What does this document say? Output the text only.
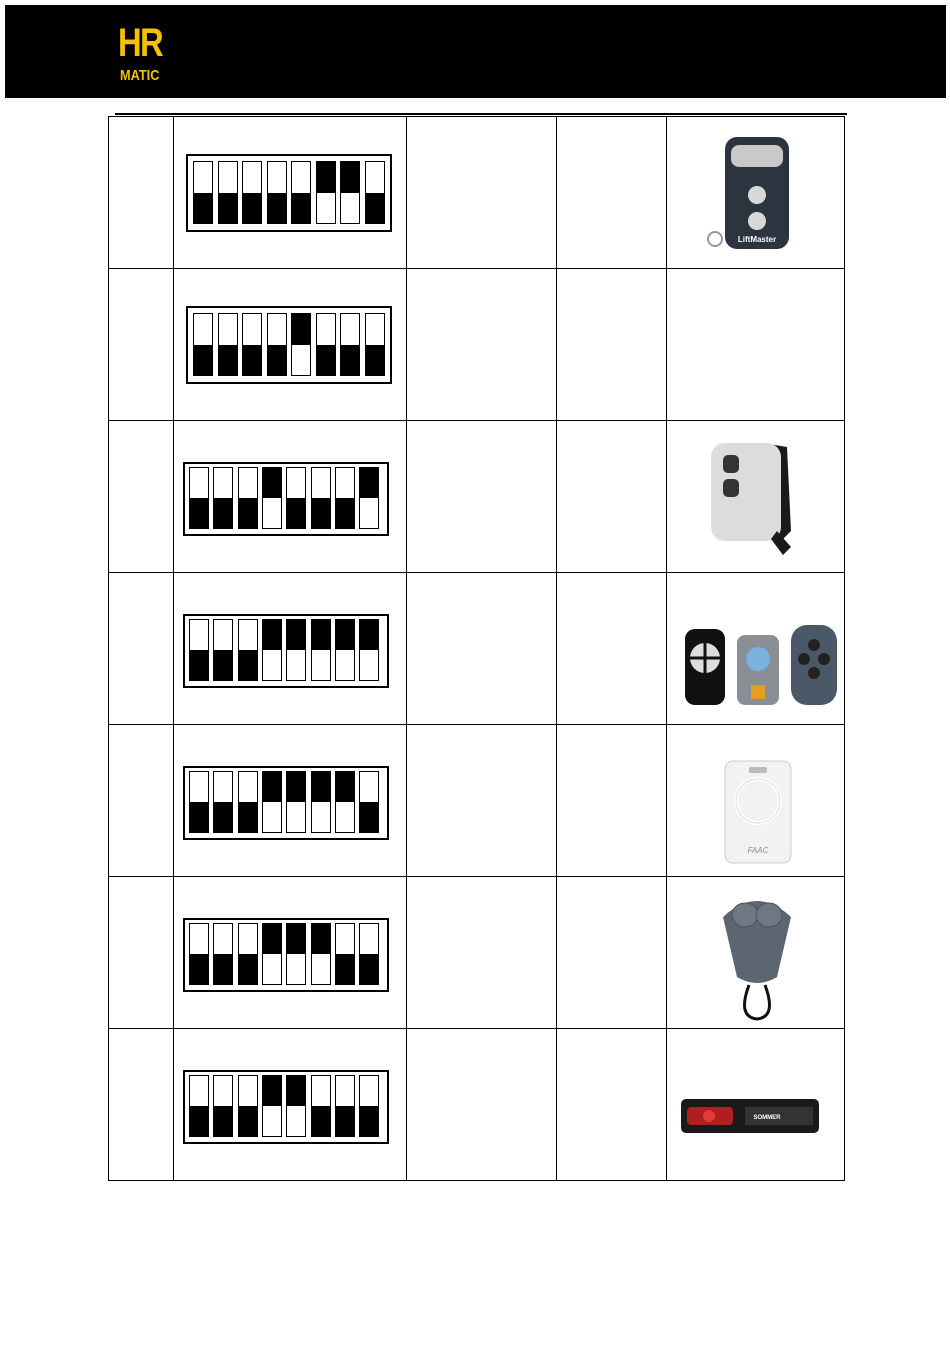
HR
MATIC

LiftMaster

FAAC

SOMMER
